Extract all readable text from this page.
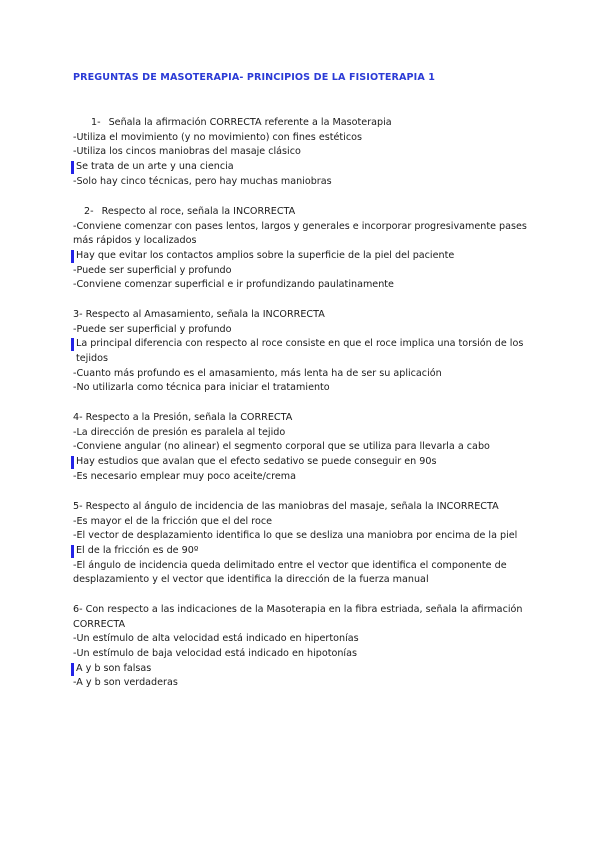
PREGUNTAS DE MASOTERAPIA- PRINCIPIOS DE LA FISIOTERAPIA 1
1- Señala la afirmación CORRECTA referente a la Masoterapia
-Utiliza el movimiento (y no movimiento) con fines estéticos
-Utiliza los cincos maniobras del masaje clásico
Se trata de un arte y una ciencia
-Solo hay cinco técnicas, pero hay muchas maniobras
2- Respecto al roce, señala la INCORRECTA
-Conviene comenzar con pases lentos, largos y generales e incorporar progresivamente pases más rápidos y localizados
Hay que evitar los contactos amplios sobre la superficie de la piel del paciente
-Puede ser superficial y profundo
-Conviene comenzar superficial e ir profundizando paulatinamente
3- Respecto al Amasamiento, señala la INCORRECTA
-Puede ser superficial y profundo
La principal diferencia con respecto al roce consiste en que el roce implica una torsión de los tejidos
-Cuanto más profundo es el amasamiento, más lenta ha de ser su aplicación
-No utilizarla como técnica para iniciar el tratamiento
4- Respecto a la Presión, señala la CORRECTA
-La dirección de presión es paralela al tejido
-Conviene angular (no alinear) el segmento corporal que se utiliza para llevarla a cabo
Hay estudios que avalan que el efecto sedativo se puede conseguir en 90s
-Es necesario emplear muy poco aceite/crema
5- Respecto al ángulo de incidencia de las maniobras del masaje, señala la INCORRECTA
-Es mayor el de la fricción que el del roce
-El vector de desplazamiento identifica lo que se desliza una maniobra por encima de la piel
El de la fricción es de 90º
-El ángulo de incidencia queda delimitado entre el vector que identifica el componente de desplazamiento y el vector que identifica la dirección de la fuerza manual
6- Con respecto a las indicaciones de la Masoterapia en la fibra estriada, señala la afirmación CORRECTA
-Un estímulo de alta velocidad está indicado en hipertonías
-Un estímulo de baja velocidad está indicado en hipotonías
A y b son falsas
-A y b son verdaderas
